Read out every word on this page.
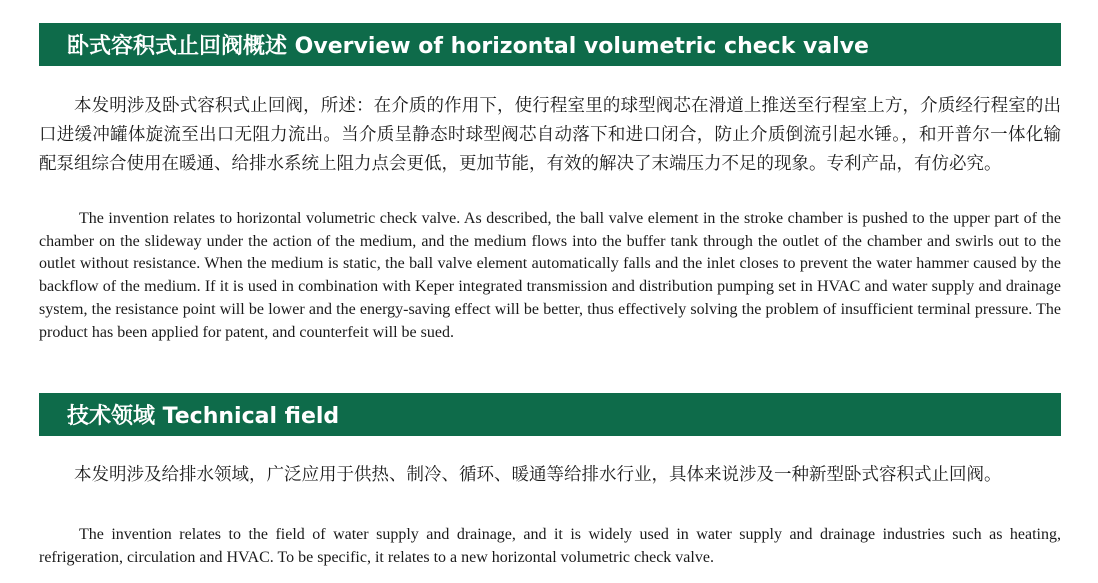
卧式容积式止回阀概述 Overview of horizontal volumetric check valve

本发明涉及卧式容积式止回阀，所述：在介质的作用下，使行程室里的球型阀芯在滑道上推送至行程室上方，介质经行程室的出口进缓冲罐体旋流至出口无阻力流出。当介质呈静态时球型阀芯自动落下和进口闭合，防止介质倒流引起水锤。，和开普尔一体化输配泵组综合使用在暖通、给排水系统上阻力点会更低，更加节能，有效的解决了末端压力不足的现象。专利产品，有仿必究。

The invention relates to horizontal volumetric check valve. As described, the ball valve element in the stroke chamber is pushed to the upper part of the chamber on the slideway under the action of the medium, and the medium flows into the buffer tank through the outlet of the chamber and swirls out to the outlet without resistance. When the medium is static, the ball valve element automatically falls and the inlet closes to prevent the water hammer caused by the backflow of the medium. If it is used in combination with Keper integrated transmission and distribution pumping set in HVAC and water supply and drainage system, the resistance point will be lower and the energy-saving effect will be better, thus effectively solving the problem of insufficient terminal pressure. The product has been applied for patent, and counterfeit will be sued.

技术领域 Technical field

本发明涉及给排水领域，广泛应用于供热、制冷、循环、暖通等给排水行业，具体来说涉及一种新型卧式容积式止回阀。

The invention relates to the field of water supply and drainage, and it is widely used in water supply and drainage industries such as heating, refrigeration, circulation and HVAC. To be specific, it relates to a new horizontal volumetric check valve.
